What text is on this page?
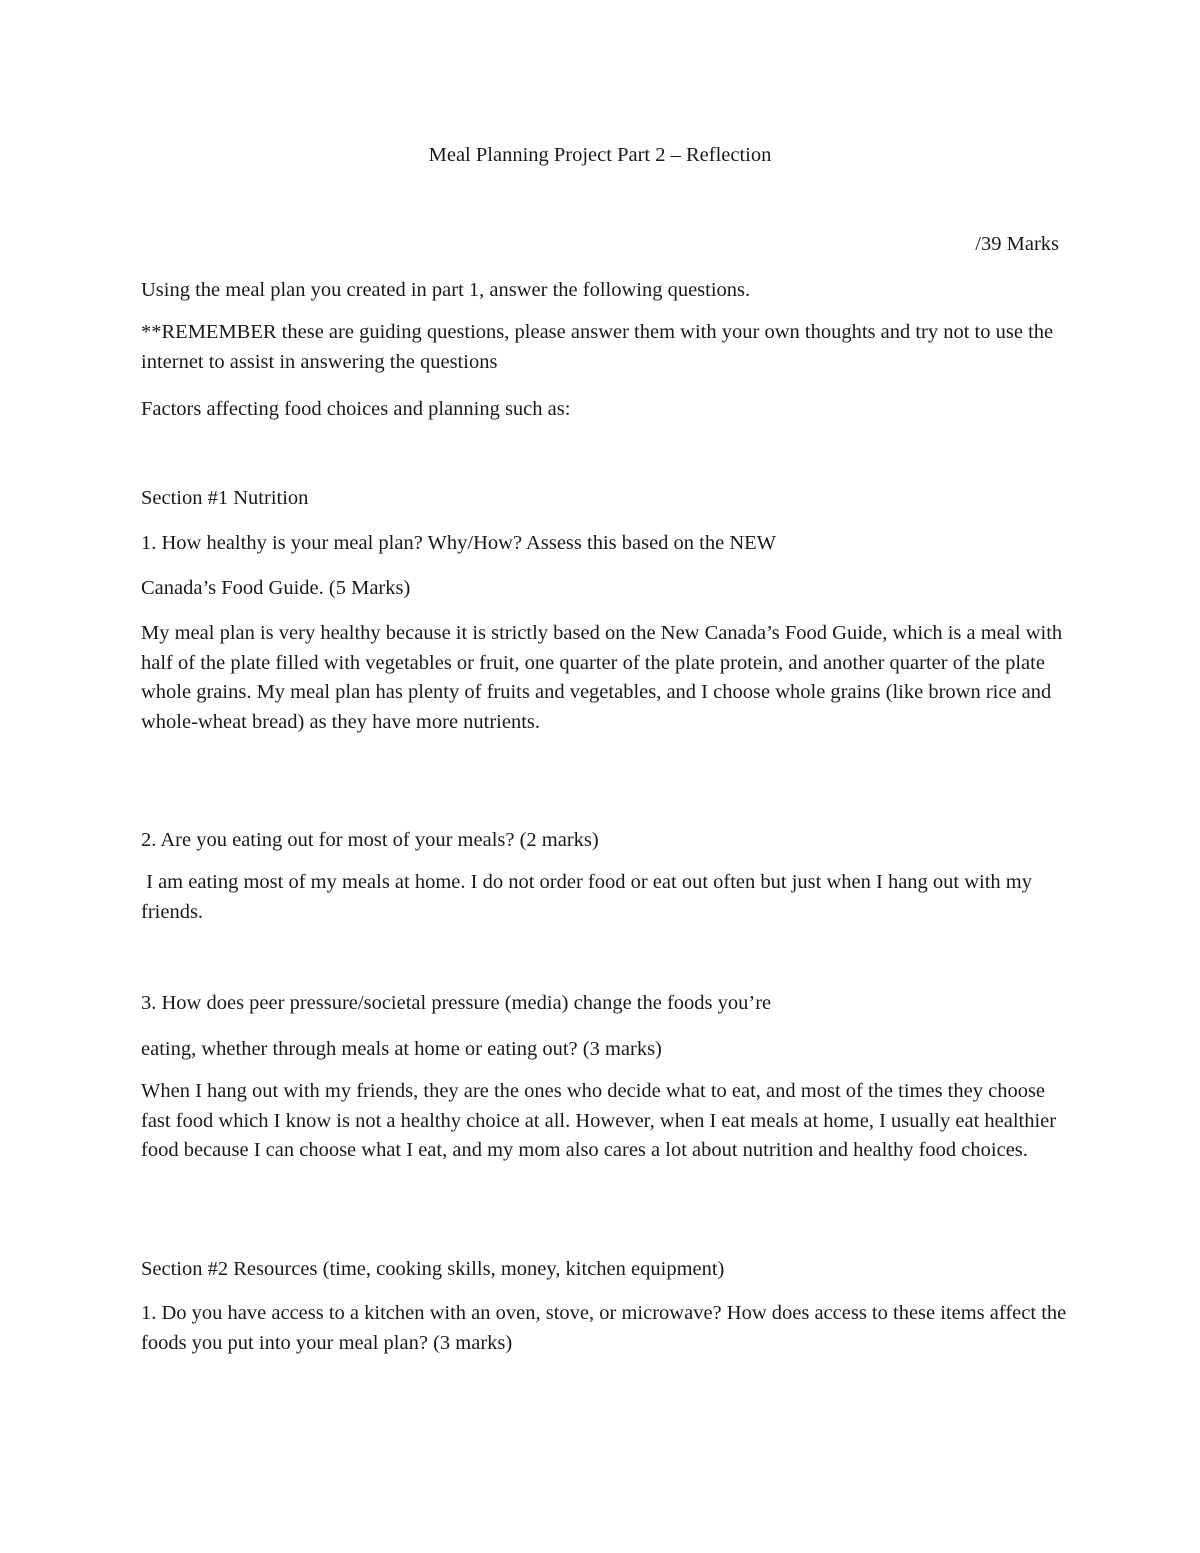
Meal Planning Project Part 2 – Reflection
/39 Marks
Using the meal plan you created in part 1, answer the following questions.

**REMEMBER these are guiding questions, please answer them with your own thoughts and try not to use the internet to assist in answering the questions

Factors affecting food choices and planning such as:
Section #1 Nutrition
1. How healthy is your meal plan? Why/How? Assess this based on the NEW
Canada’s Food Guide. (5 Marks)

My meal plan is very healthy because it is strictly based on the New Canada’s Food Guide, which is a meal with half of the plate filled with vegetables or fruit, one quarter of the plate protein, and another quarter of the plate whole grains. My meal plan has plenty of fruits and vegetables, and I choose whole grains (like brown rice and whole-wheat bread) as they have more nutrients.

2. Are you eating out for most of your meals? (2 marks)

I am eating most of my meals at home. I do not order food or eat out often but just when I hang out with my friends.

3. How does peer pressure/societal pressure (media) change the foods you’re
eating, whether through meals at home or eating out? (3 marks)

When I hang out with my friends, they are the ones who decide what to eat, and most of the times they choose fast food which I know is not a healthy choice at all. However, when I eat meals at home, I usually eat healthier food because I can choose what I eat, and my mom also cares a lot about nutrition and healthy food choices.

Section #2 Resources (time, cooking skills, money, kitchen equipment)

1. Do you have access to a kitchen with an oven, stove, or microwave? How does access to these items affect the foods you put into your meal plan? (3 marks)
